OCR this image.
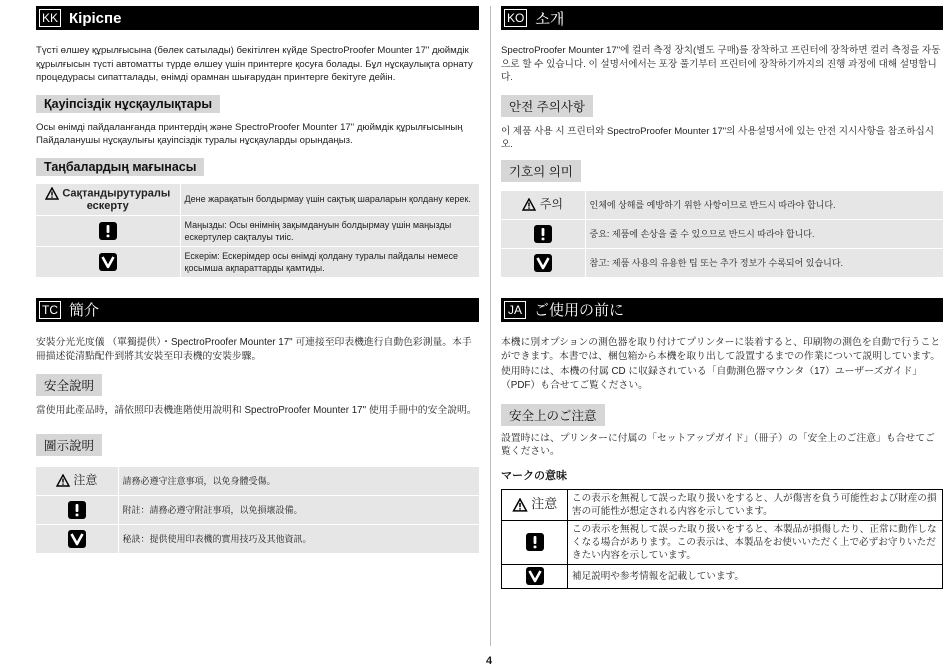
KK Кіріспе

Түсті өлшеу құрылғысына (бөлек сатылады) бекітілген күйде SpectroProofer Mounter 17" дюймдік құрылғысын түсті автоматты түрде өлшеу үшін принтерге қосуға болады. Бұл нұсқаулықта орнату процедурасы сипатталады, өнімді орамнан шығарудан принтерге бекітуге дейін.

Қауіпсіздік нұсқаулықтары

Осы өнімді пайдаланғанда принтердің және SpectroProofer Mounter 17" дюймдік құрылғысының Пайдаланушы нұсқаулығы қауіпсіздік туралы нұсқауларды орындаңыз.

Таңбалардың мағынасы
Сақтандырутуралы ескерту	Дене жарақатын болдырмау үшін сақтық шараларын қолдану керек.

	Маңызды: Осы өнімнің зақымдануын болдырмау үшін маңызды ескертулер сақталуы тиіс.

	Ескерім: Ескерімдер осы өнімді қолдану туралы пайдалы немесе қосымша ақпараттарды қамтиды.
TC 簡介

安裝分光光度儀 （單獨提供）・SpectroProofer Mounter 17" 可連接至印表機進行自動色彩測量。本手冊描述從清點配件到將其安裝至印表機的安裝步驟。

安全說明

當使用此產品時，請依照印表機進階使用說明和 SpectroProofer Mounter 17" 使用手冊中的安全說明。

圖示說明
注意	請務必遵守注意事項，以免身體受傷。

	附註：請務必遵守附註事項，以免損壞設備。

	秘訣：提供使用印表機的實用技巧及其他資訊。
KO 소개

SpectroProofer Mounter 17"에 컬러 측정 장치(별도 구매)를 장착하고 프린터에 장착하면 컬러 측정을 자동으로 할 수 있습니다. 이 설명서에서는 포장 풀기부터 프린터에 장착하기까지의 진행 과정에 대해 설명합니다.

안전 주의사항

이 제품 사용 시 프린터와 SpectroProofer Mounter 17"의 사용설명서에 있는 안전 지시사항을 참조하십시오.

기호의 의미
주의	인체에 상해를 예방하기 위한 사항이므로 반드시 따라야 합니다.

	중요: 제품에 손상을 줄 수 있으므로 반드시 따라야 합니다.

	참고: 제품 사용의 유용한 팁 또는 추가 정보가 수록되어 있습니다.
JA ご使用の前に

本機に別オプションの測色器を取り付けてプリンターに装着すると、印刷物の測色を自動で行うことができます。本書では、梱包箱から本機を取り出して設置するまでの作業について説明しています。使用時には、本機の付属 CD に収録されている「自動測色器マウンタ（17）ユーザーズガイド」（PDF）も合せてご覧ください。

安全上のご注意

設置時には、プリンターに付属の「セットアップガイド」（冊子）の「安全上のご注意」も合せてご覧ください。

マークの意味
注意	この表示を無視して誤った取り扱いをすると、人が傷害を負う可能性および財産の損害の可能性が想定される内容を示しています。

	この表示を無視して誤った取り扱いをすると、本製品が損傷したり、正常に動作しなくなる場合があります。この表示は、本製品をお使いいただく上で必ずお守りいただきたい内容を示しています。

	補足説明や参考情報を記載しています。
4
